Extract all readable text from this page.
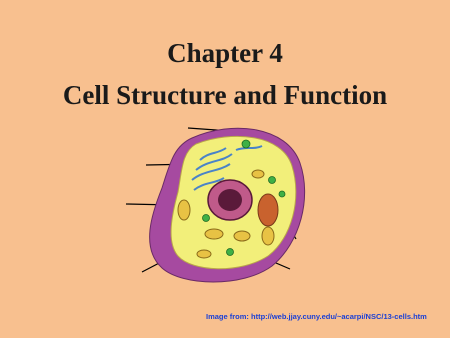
Chapter 4
Cell Structure and Function
Image from: http://web.jjay.cuny.edu/~acarpi/NSC/13-cells.htm
